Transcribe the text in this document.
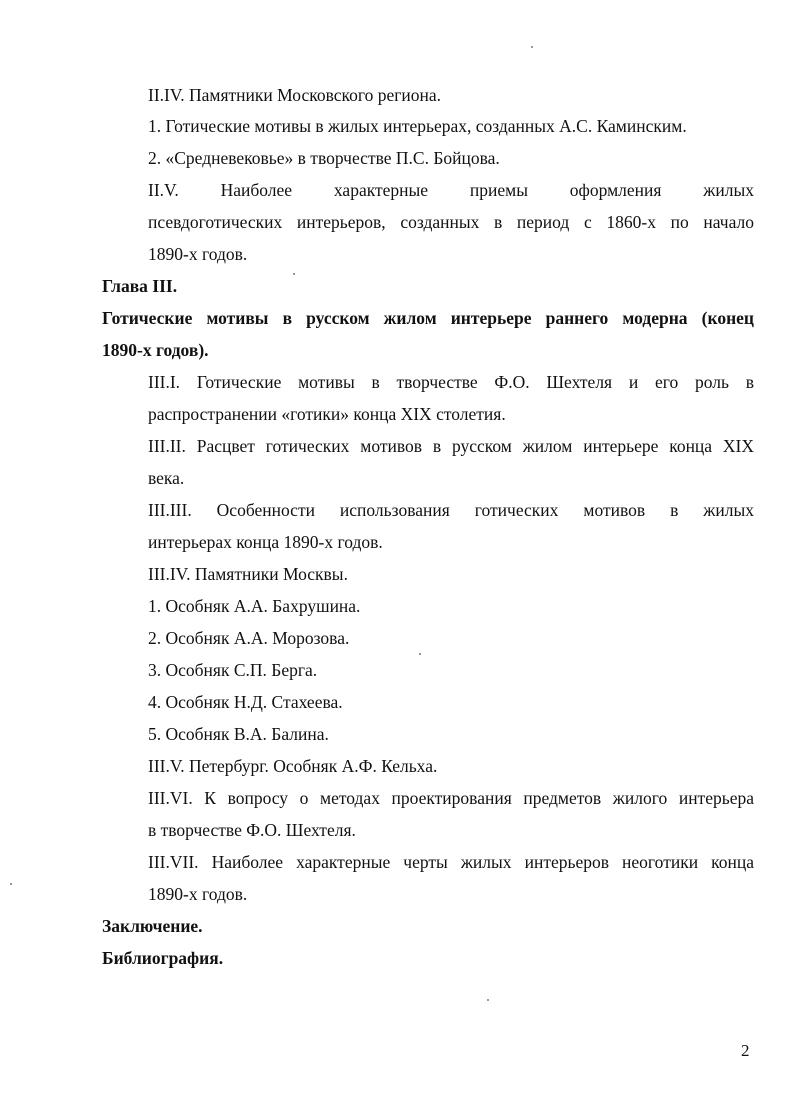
II.IV. Памятники Московского региона.
1. Готические мотивы в жилых интерьерах, созданных А.С. Каминским.
2. «Средневековье» в творчестве П.С. Бойцова.
II.V. Наиболее характерные приемы оформления жилых
псевдоготических интерьеров, созданных в период с 1860-х по начало
1890-х годов.
Глава III.
Готические мотивы в русском жилом интерьере раннего модерна (конец
1890-х годов).
III.I. Готические мотивы в творчестве Ф.О. Шехтеля и его роль в
распространении «готики» конца XIX столетия.
III.II. Расцвет готических мотивов в русском жилом интерьере конца XIX
века.
III.III. Особенности использования готических мотивов в жилых
интерьерах конца 1890-х годов.
III.IV. Памятники Москвы.
1. Особняк А.А. Бахрушина.
2. Особняк А.А. Морозова.
3. Особняк С.П. Берга.
4. Особняк Н.Д. Стахеева.
5. Особняк В.А. Балина.
III.V. Петербург. Особняк А.Ф. Кельха.
III.VI. К вопросу о методах проектирования предметов жилого интерьера
в творчестве Ф.О. Шехтеля.
III.VII. Наиболее характерные черты жилых интерьеров неоготики конца
1890-х годов.
Заключение.
Библиография.
2
